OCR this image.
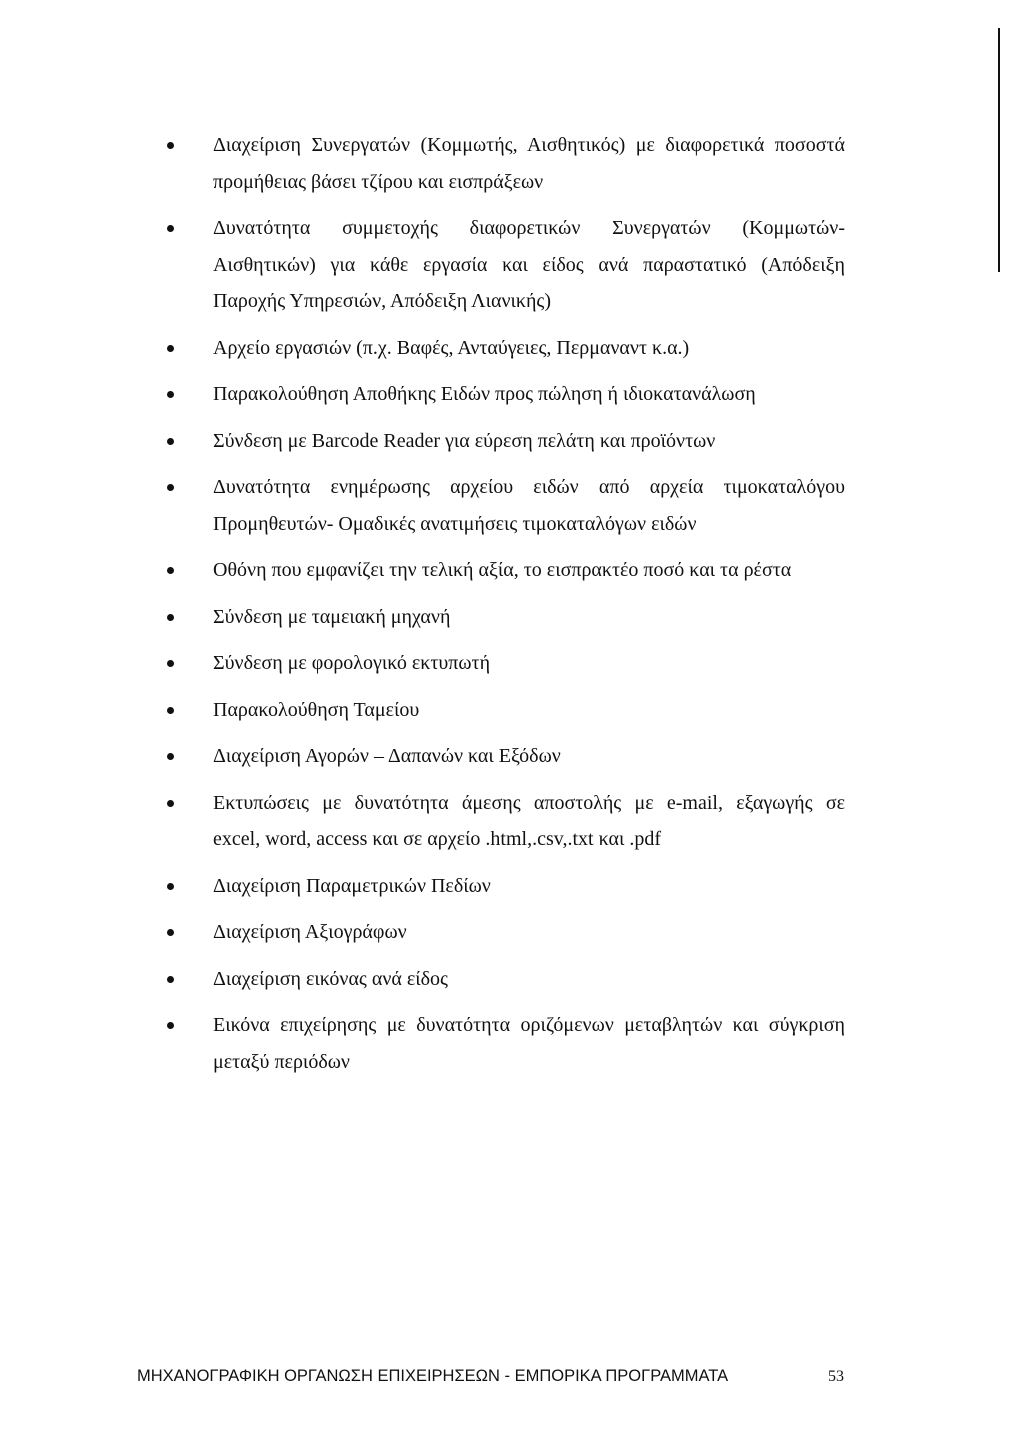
Διαχείριση Συνεργατών (Κομμωτής, Αισθητικός) με διαφορετικά ποσοστά
προμήθειας βάσει τζίρου και εισπράξεων
Δυνατότητα συμμετοχής διαφορετικών Συνεργατών (Κομμωτών-
Αισθητικών) για κάθε εργασία και είδος ανά παραστατικό (Απόδειξη
Παροχής Υπηρεσιών, Απόδειξη Λιανικής)
Αρχείο εργασιών (π.χ. Βαφές, Ανταύγειες, Περμαναντ κ.α.)
Παρακολούθηση Αποθήκης Ειδών προς πώληση ή ιδιοκατανάλωση
Σύνδεση με Barcode Reader για εύρεση πελάτη και προϊόντων
Δυνατότητα ενημέρωσης αρχείου ειδών από αρχεία τιμοκαταλόγου
Προμηθευτών- Ομαδικές ανατιμήσεις τιμοκαταλόγων ειδών
Οθόνη που εμφανίζει την τελική αξία, το εισπρακτέο ποσό και τα ρέστα
Σύνδεση με ταμειακή μηχανή
Σύνδεση με φορολογικό εκτυπωτή
Παρακολούθηση Ταμείου
Διαχείριση Αγορών – Δαπανών και Εξόδων
Εκτυπώσεις με δυνατότητα άμεσης αποστολής με e-mail, εξαγωγής σε
excel, word, access και σε αρχείο .html,.csv,.txt και .pdf
Διαχείριση Παραμετρικών Πεδίων
Διαχείριση Αξιογράφων
Διαχείριση εικόνας ανά είδος
Εικόνα επιχείρησης με δυνατότητα οριζόμενων μεταβλητών και σύγκριση
μεταξύ περιόδων
ΜΗΧΑΝΟΓΡΑΦΙΚΗ ΟΡΓΑΝΩΣΗ ΕΠΙΧΕΙΡΗΣΕΩΝ - ΕΜΠΟΡΙΚΑ ΠΡΟΓΡΑΜΜΑΤΑ	53
